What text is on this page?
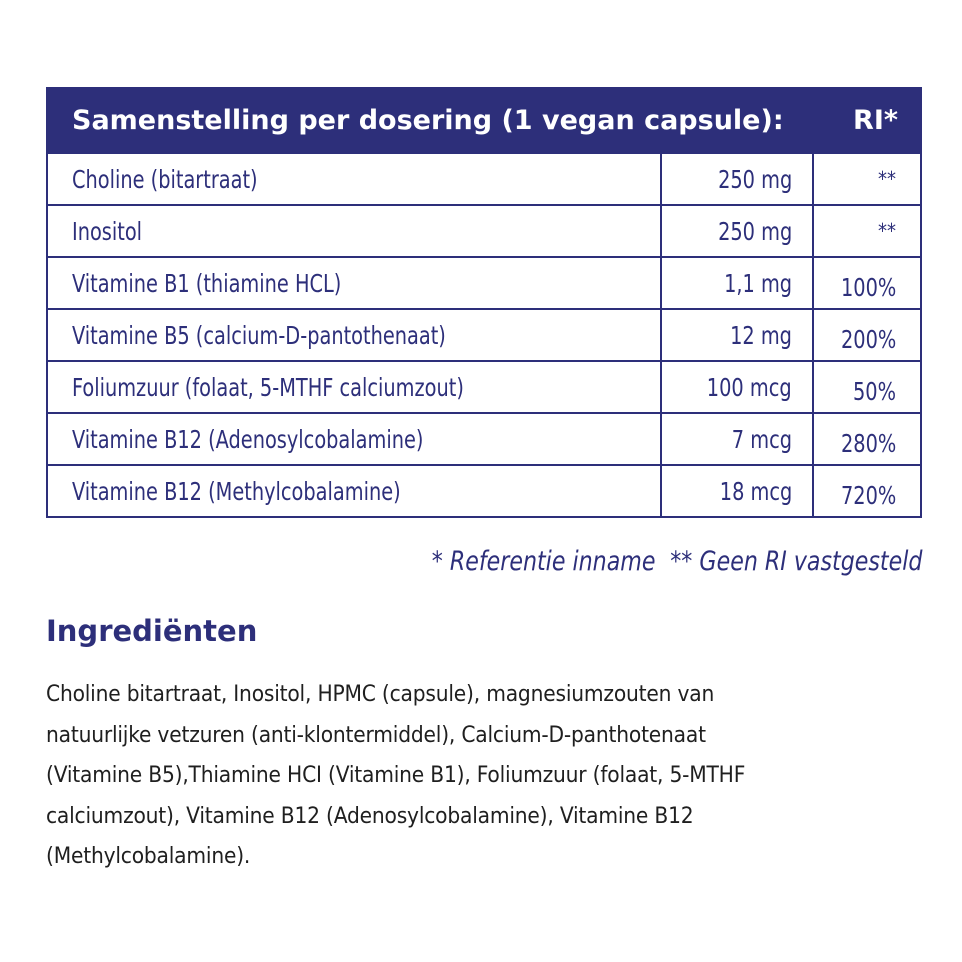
Samenstelling per dosering (1 vegan capsule):	RI*
Choline (bitartraat)	250 mg	**
Inositol	250 mg	**
Vitamine B1 (thiamine HCL)	1,1 mg 100%
Vitamine B5 (calcium-D-pantothenaat)	12 mg 200%
Foliumzuur (folaat, 5-MTHF calciumzout)	100 mcg 50%
Vitamine B12 (Adenosylcobalamine)	7 mcg 280%
Vitamine B12 (Methylcobalamine)	18 mcg 720%
* Referentie inname ** Geen RI vastgesteld
Ingrediënten
Choline bitartraat, Inositol, HPMC (capsule), magnesiumzouten van
natuurlijke vetzuren (anti-klontermiddel), Calcium-D-panthotenaat
(Vitamine B5),Thiamine HCI (Vitamine B1), Foliumzuur (folaat, 5-MTHF
calciumzout), Vitamine B12 (Adenosylcobalamine), Vitamine B12
(Methylcobalamine).
